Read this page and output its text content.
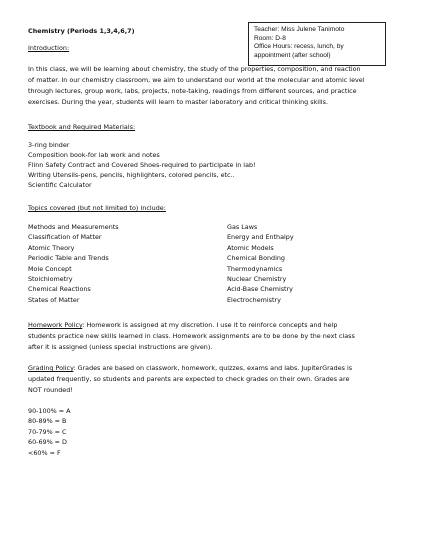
Chemistry (Periods 1,3,4,6,7)	Teacher: Miss Julene Tanimoto
Room: D-8
Office Hours: recess, lunch, by
appointment (after school)
Introduction:
In this class, we will be learning about chemistry, the study of the properties, composition, and reaction
of matter. In our chemistry classroom, we aim to understand our world at the molecular and atomic level
through lectures, group work, labs, projects, note-taking, readings from different sources, and practice
exercises. During the year, students will learn to master laboratory and critical thinking skills.
Textbook and Required Materials:
3-ring binder
Composition book-for lab work and notes
Flinn Safety Contract and Covered Shoes-required to participate in lab!
Writing Utensils-pens, pencils, highlighters, colored pencils, etc..
Scientific Calculator
Topics covered (but not limited to) include:
Methods and Measurements
Classification of Matter
Atomic Theory
Periodic Table and Trends
Mole Concept
Stoichiometry
Chemical Reactions
States of Matter
Gas Laws
Energy and Enthalpy
Atomic Models
Chemical Bonding
Thermodynamics
Nuclear Chemistry
Acid-Base Chemistry
Electrochemistry
Homework Policy: Homework is assigned at my discretion. I use it to reinforce concepts and help
students practice new skills learned in class. Homework assignments are to be done by the next class
after it is assigned (unless special instructions are given).
Grading Policy: Grades are based on classwork, homework, quizzes, exams and labs. JupiterGrades is
updated frequently, so students and parents are expected to check grades on their own. Grades are
NOT rounded!
90-100% = A
80-89% = B
70-79% = C
60-69% = D
<60% = F
